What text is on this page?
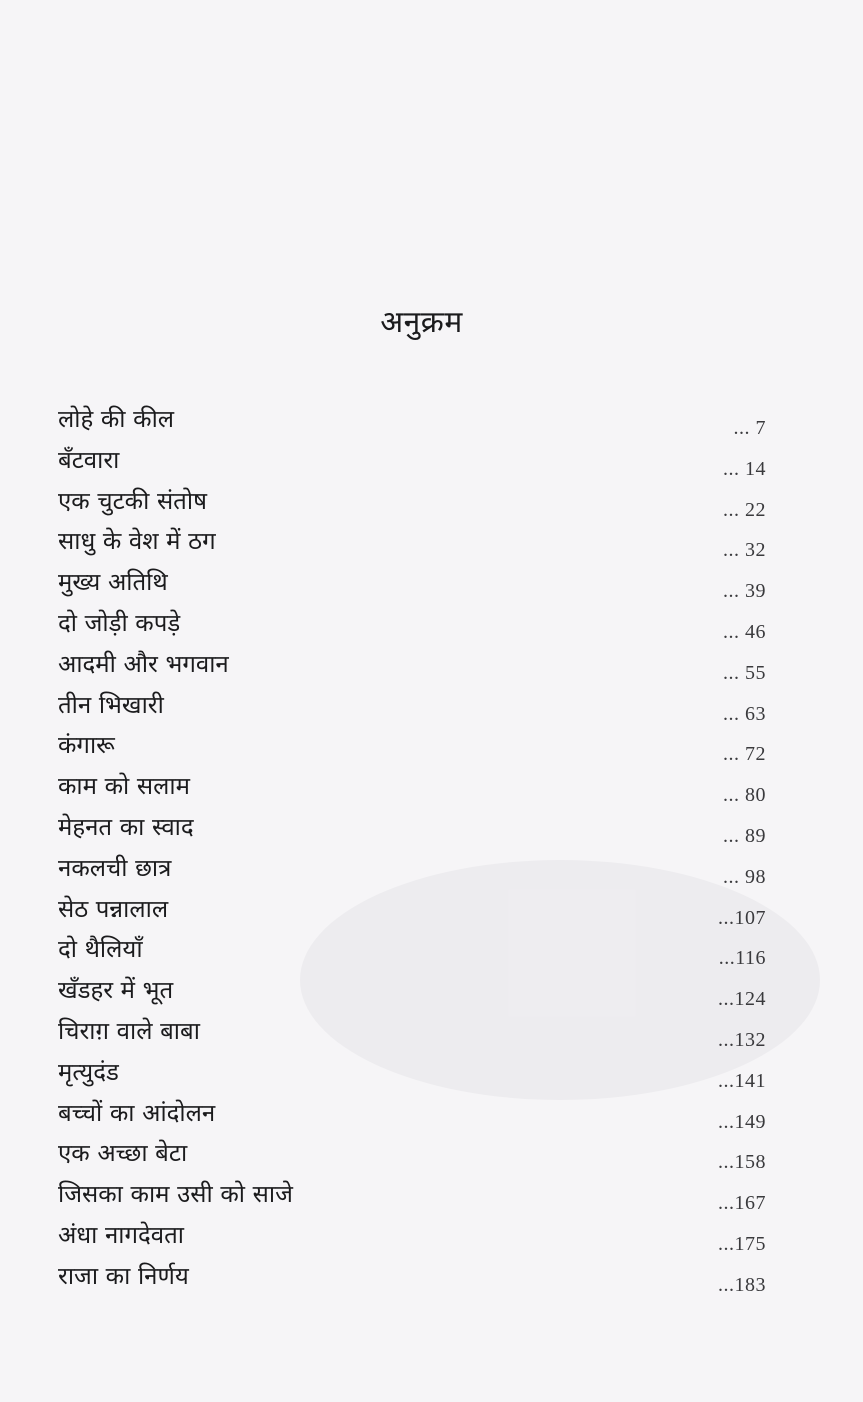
अनुक्रम
लोहे की कील	... 7
बँटवारा	... 14
एक चुटकी संतोष	... 22
साधु के वेश में ठग	... 32
मुख्य अतिथि	... 39
दो जोड़ी कपड़े	... 46
आदमी और भगवान	... 55
तीन भिखारी	... 63
कंगारू	... 72
काम को सलाम	... 80
मेहनत का स्वाद	... 89
नकलची छात्र	... 98
सेठ पन्नालाल	...107
दो थैलियाँ	...116
खँडहर में भूत	...124
चिराग़ वाले बाबा	...132
मृत्युदंड	...141
बच्चों का आंदोलन	...149
एक अच्छा बेटा	...158
जिसका काम उसी को साजे	...167
अंधा नागदेवता	...175
राजा का निर्णय	...183
